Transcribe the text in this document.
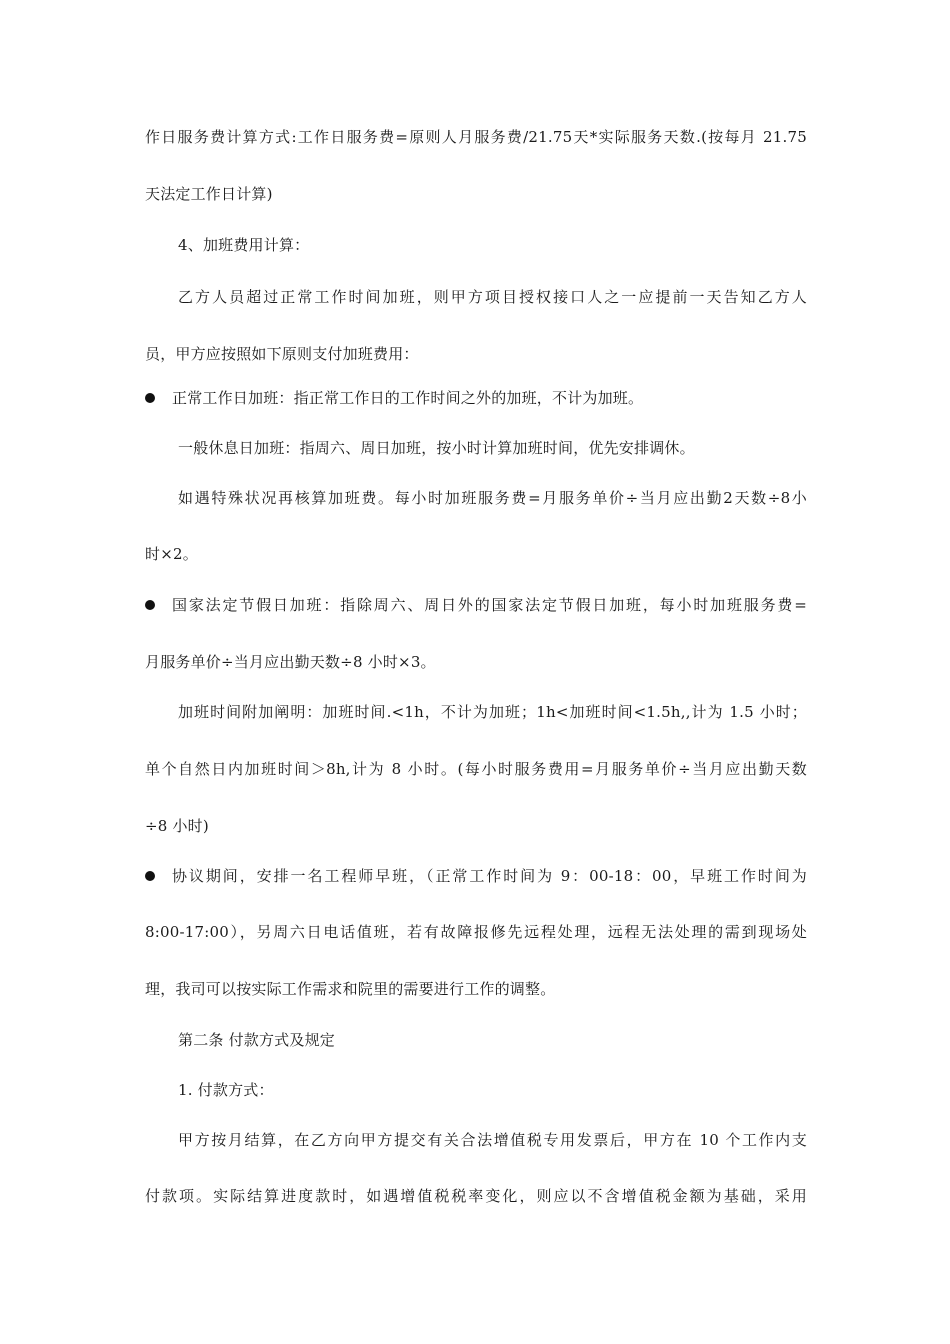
作日服务费计算方式:工作日服务费=原则人月服务费/21.75天*实际服务天数.(按每月 21.75
天法定工作日计算)
4、加班费用计算：
乙方人员超过正常工作时间加班，则甲方项目授权接口人之一应提前一天告知乙方人
员，甲方应按照如下原则支付加班费用：
正常工作日加班：指正常工作日的工作时间之外的加班，不计为加班。
一般休息日加班：指周六、周日加班，按小时计算加班时间，优先安排调休。
如遇特殊状况再核算加班费。每小时加班服务费=月服务单价÷当月应出勤2天数÷8小
时×2。
国家法定节假日加班：指除周六、周日外的国家法定节假日加班，每小时加班服务费=
月服务单价÷当月应出勤天数÷8 小时×3。
加班时间附加阐明：加班时间.<1h，不计为加班；1h<加班时间<1.5h,,计为 1.5 小时；
单个自然日内加班时间＞8h,计为 8 小时。(每小时服务费用=月服务单价÷当月应出勤天数
÷8 小时)
协议期间，安排一名工程师早班，（正常工作时间为 9：00-18：00，早班工作时间为
8:00-17:00），另周六日电话值班，若有故障报修先远程处理，远程无法处理的需到现场处
理，我司可以按实际工作需求和院里的需要进行工作的调整。
第二条 付款方式及规定
1. 付款方式：
甲方按月结算，在乙方向甲方提交有关合法增值税专用发票后，甲方在 10 个工作内支
付款项。实际结算进度款时，如遇增值税税率变化，则应以不含增值税金额为基础，采用
